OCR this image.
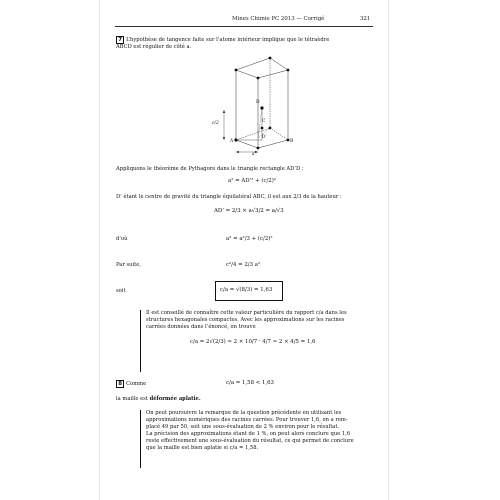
Mines Chimie PC 2013 — Corrigé	321
7 L’hypothèse de tangence faite sur l’atome intérieur implique que le tétraèdre
ABCD est régulier de côté a.
D
C
A	B
c/2
a
D’
Appliquons le théorème de Pythagore dans le triangle rectangle AD’D :
a² = AD’² + (c/2)²
D’ étant le centre de gravité du triangle équilatéral ABC, il est aux 2/3 de la hauteur :
AD’ = 2/3 × a√3/2 = a/√3
d’où	a² = a²/3 + (c/2)²
Par suite,	c²/4 = 2/3 a²
soit	c/a = √(8/3) = 1,63
Il est conseillé de connaître cette valeur particulière du rapport c/a dans les
structures hexagonales compactes. Avec les approximations sur les racines
carrées données dans l’énoncé, on trouve
c/a = 2√(2/3) ≃ 2 × 10/7 · 4/7 ≃ 2 × 4/5 = 1,6
8 Comme	c/a = 1,58 < 1,63
la maille est déformée aplatie.
On peut poursuivre la remarque de la question précédente en utilisant les
approximations numériques des racines carrées. Pour trouver 1,6, on a rem-
placé 49 par 50, soit une sous-évaluation de 2 % environ pour le résultat.
La précision des approximations étant de 1 %, on peut alors conclure que 1,6
reste effectivement une sous-évaluation du résultat, ce qui permet de conclure
que la maille est bien aplatie si c/a = 1,58.
